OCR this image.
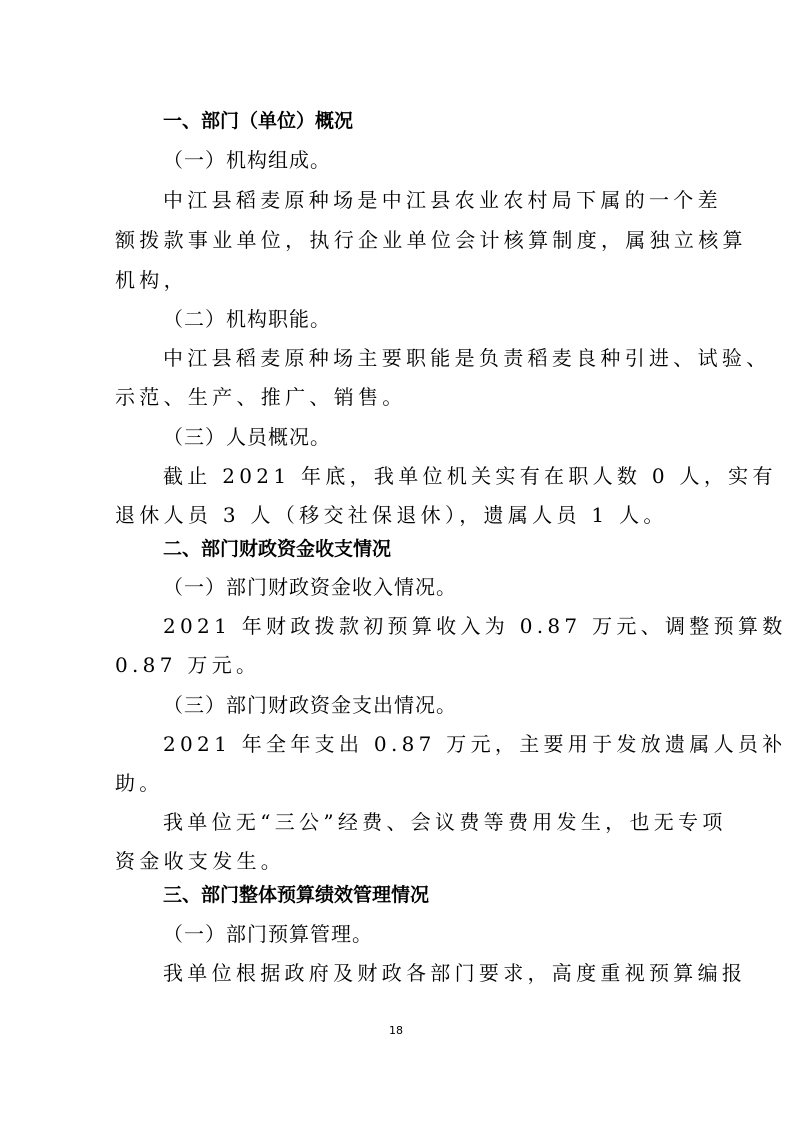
一、部门（单位）概况
（一）机构组成。
中江县稻麦原种场是中江县农业农村局下属的一个差
额拨款事业单位，执行企业单位会计核算制度，属独立核算
机构，
（二）机构职能。
中江县稻麦原种场主要职能是负责稻麦良种引进、试验、
示范、生产、推广、销售。
（三）人员概况。
截止 2021 年底，我单位机关实有在职人数 0 人，实有
退休人员 3 人（移交社保退休），遗属人员 1 人。
二、部门财政资金收支情况
（一）部门财政资金收入情况。
2021 年财政拨款初预算收入为 0.87 万元、调整预算数
0.87 万元。
（三）部门财政资金支出情况。
2021 年全年支出 0.87 万元，主要用于发放遗属人员补
助。
我单位无“三公”经费、会议费等费用发生，也无专项
资金收支发生。
三、部门整体预算绩效管理情况
（一）部门预算管理。
我单位根据政府及财政各部门要求，高度重视预算编报
18
